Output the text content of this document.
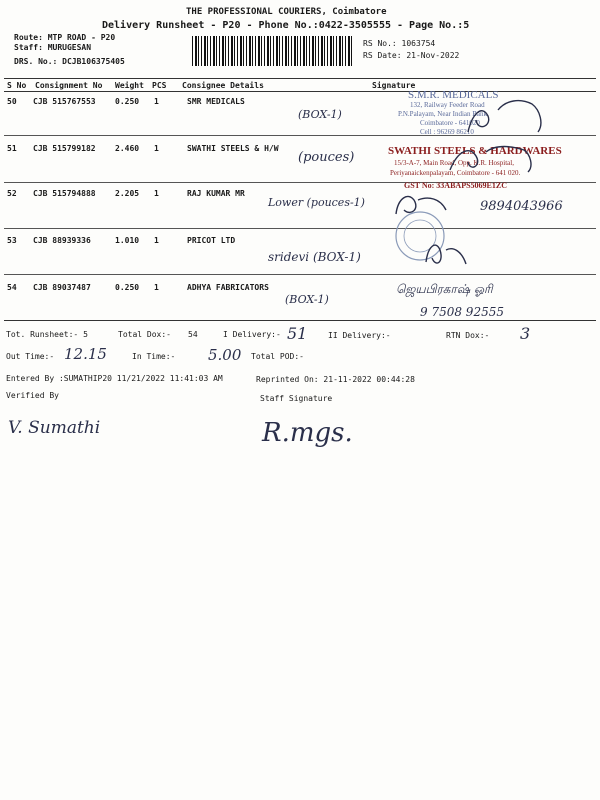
THE PROFESSIONAL COURIERS, Coimbatore
Delivery Runsheet - P20 - Phone No.:0422-3505555 - Page No.:5
Route: MTP ROAD - P20
Staff: MURUGESAN
DRS. No.: DCJB106375405
RS No.: 1063754
RS Date: 21-Nov-2022
S No Consignment No Weight PCS Consignee Details	Signature
50 CJB 515767553 0.250 1	SMR MEDICALS
(BOX-1)
51 CJB 515799182 2.460 1	SWATHI STEELS & H/W
(pouces)
52 CJB 515794888 2.205 1	RAJ KUMAR MR
Lower (pouces-1)	9894043966
53 CJB 88939336	1.010 1	PRICOT LTD
sridevi (BOX-1)
54 CJB 89037487	0.250 1	ADHYA FABRICATORS
(BOX-1)
ஜெயபிரகாஷ் ஓரி
9 7508 92555
S.M.R. MEDICALS
132, Railway Feeder Road
P.N.Palayam, Near Indian Bank
Coimbatore - 641020
Cell : 96269 86210
SWATHI STEELS & HARDWARES
15/3-A-7, Main Road, Opp. K.R. Hospital,
Periyanaickenpalayam, Coimbatore - 641 020.
GST No: 33ABAPS5069E1ZC
Tot. Runsheet:- 5	Total Dox:- 54	I Delivery:- 51	II Delivery:-	RTN Dox:- 3
Out Time:- 12.15	In Time:- 5.00 Total POD:-
Entered By :SUMATHIP20 11/21/2022 11:41:03 AM	Reprinted On: 21-11-2022 00:44:28
Verified By	Staff Signature
V. Sumathi	R.mgs.
